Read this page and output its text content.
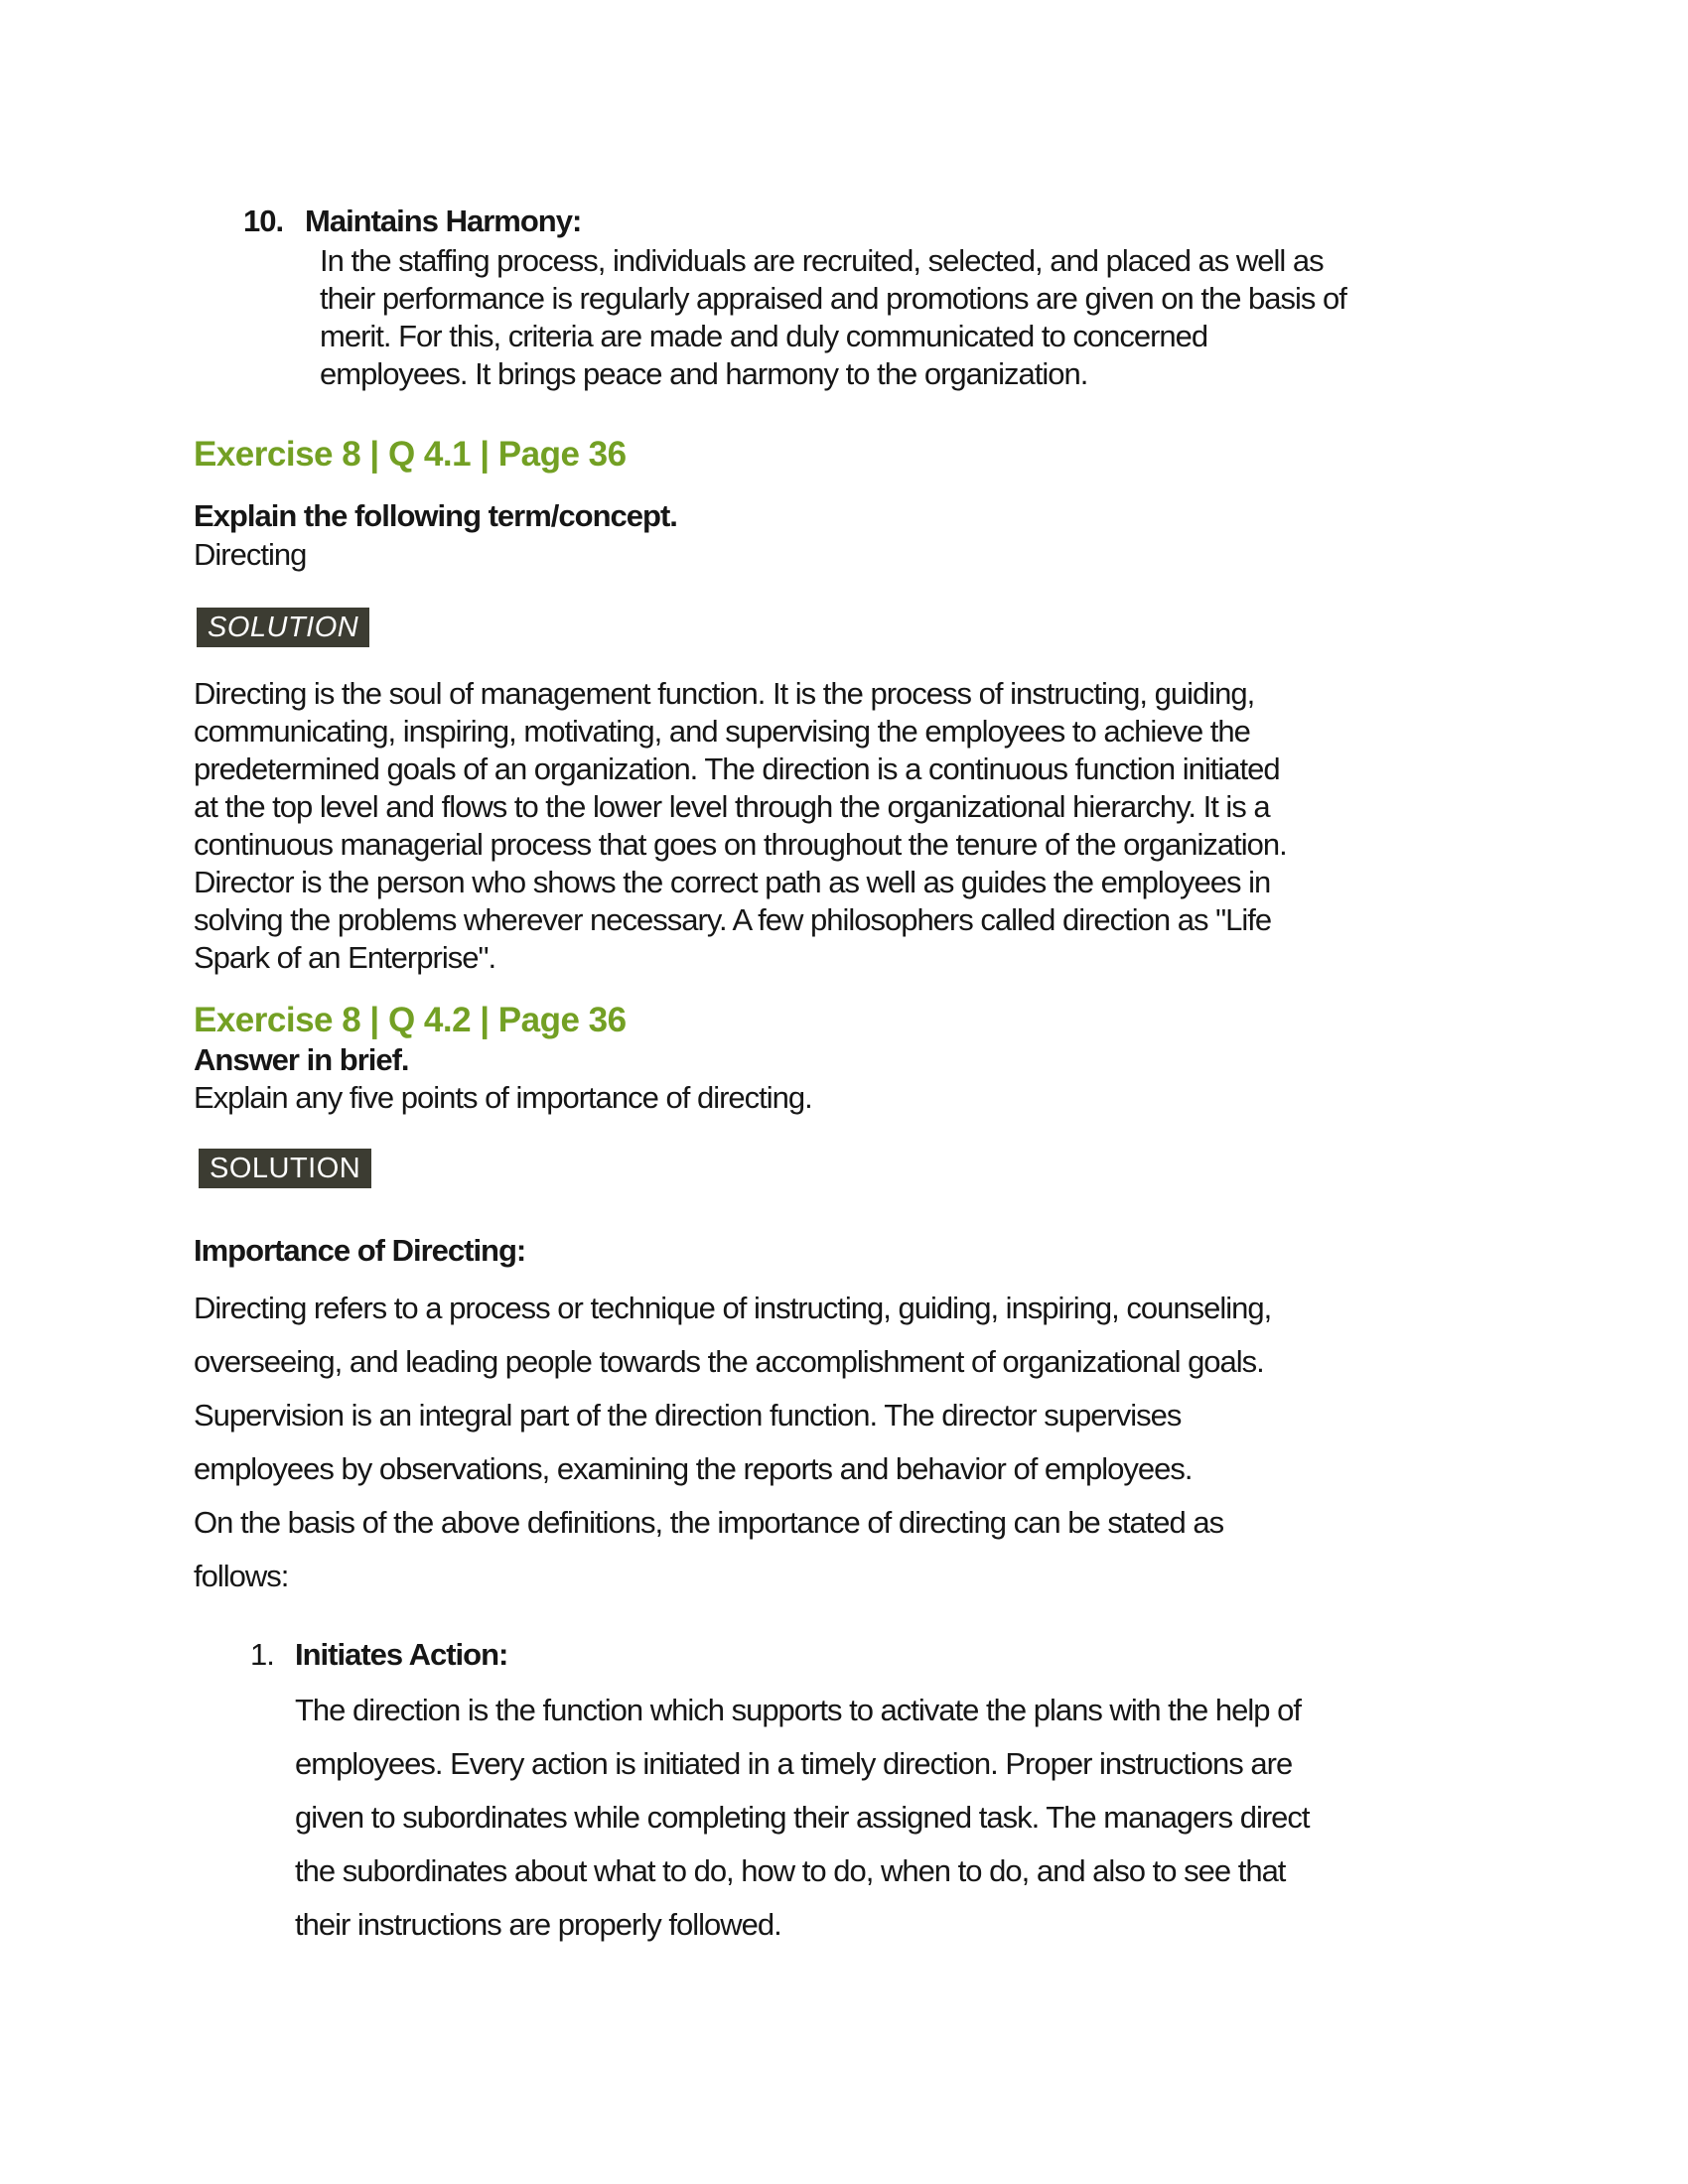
10. Maintains Harmony:
In the staffing process, individuals are recruited, selected, and placed as well as
their performance is regularly appraised and promotions are given on the basis of
merit. For this, criteria are made and duly communicated to concerned
employees. It brings peace and harmony to the organization.
Exercise 8 | Q 4.1 | Page 36
Explain the following term/concept.
Directing
SOLUTION
Directing is the soul of management function. It is the process of instructing, guiding,
communicating, inspiring, motivating, and supervising the employees to achieve the
predetermined goals of an organization. The direction is a continuous function initiated
at the top level and flows to the lower level through the organizational hierarchy. It is a
continuous managerial process that goes on throughout the tenure of the organization.
Director is the person who shows the correct path as well as guides the employees in
solving the problems wherever necessary. A few philosophers called direction as "Life
Spark of an Enterprise".
Exercise 8 | Q 4.2 | Page 36
Answer in brief.
Explain any five points of importance of directing.
SOLUTION
Importance of Directing:
Directing refers to a process or technique of instructing, guiding, inspiring, counseling,
overseeing, and leading people towards the accomplishment of organizational goals.
Supervision is an integral part of the direction function. The director supervises
employees by observations, examining the reports and behavior of employees.
On the basis of the above definitions, the importance of directing can be stated as
follows:
1. Initiates Action:
The direction is the function which supports to activate the plans with the help of
employees. Every action is initiated in a timely direction. Proper instructions are
given to subordinates while completing their assigned task. The managers direct
the subordinates about what to do, how to do, when to do, and also to see that
their instructions are properly followed.
